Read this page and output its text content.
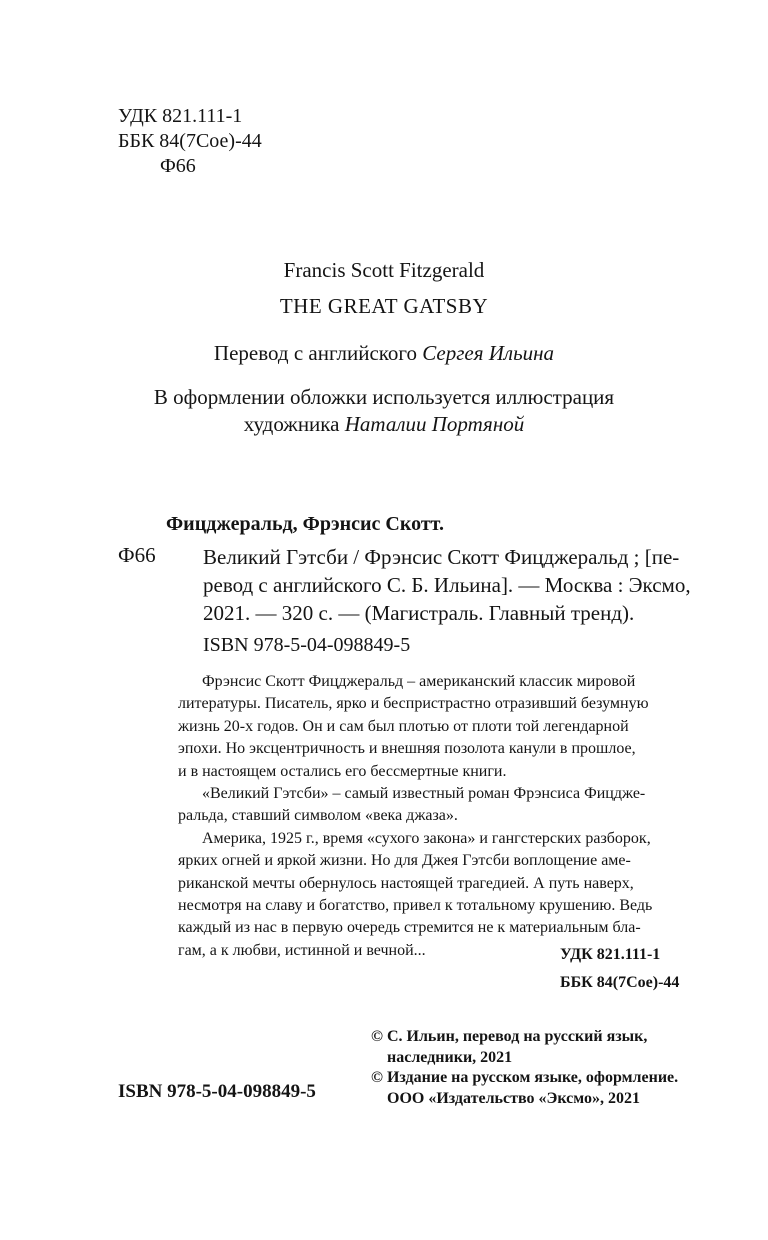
УДК 821.111-1
ББК 84(7Сое)-44
Ф66
Francis Scott Fitzgerald
THE GREAT GATSBY
Перевод с английского Сергея Ильина
В оформлении обложки используется иллюстрация
художника Наталии Портяной
Фицджеральд, Фрэнсис Скотт.
Ф66 Великий Гэтсби / Фрэнсис Скотт Фицджеральд ; [пе-
ревод с английского С. Б. Ильина]. — Москва : Эксмо,
2021. — 320 с. — (Магистраль. Главный тренд).
ISBN 978-5-04-098849-5
Фрэнсис Скотт Фицджеральд – американский классик мировой
литературы. Писатель, ярко и беспристрастно отразивший безумную
жизнь 20-х годов. Он и сам был плотью от плоти той легендарной
эпохи. Но эксцентричность и внешняя позолота канули в прошлое,
и в настоящем остались его бессмертные книги.
«Великий Гэтсби» – самый известный роман Фрэнсиса Фицдже-
ральда, ставший символом «века джаза».
Америка, 1925 г., время «сухого закона» и гангстерских разборок,
ярких огней и яркой жизни. Но для Джея Гэтсби воплощение аме-
риканской мечты обернулось настоящей трагедией. А путь наверх,
несмотря на славу и богатство, привел к тотальному крушению. Ведь
каждый из нас в первую очередь стремится не к материальным бла-
гам, а к любви, истинной и вечной...	УДК 821.111-1
ББК 84(7Сое)-44
© С. Ильин, перевод на русский язык,
наследники, 2021
© Издание на русском языке, оформление.
ООО «Издательство «Эксмо», 2021
ISBN 978-5-04-098849-5
